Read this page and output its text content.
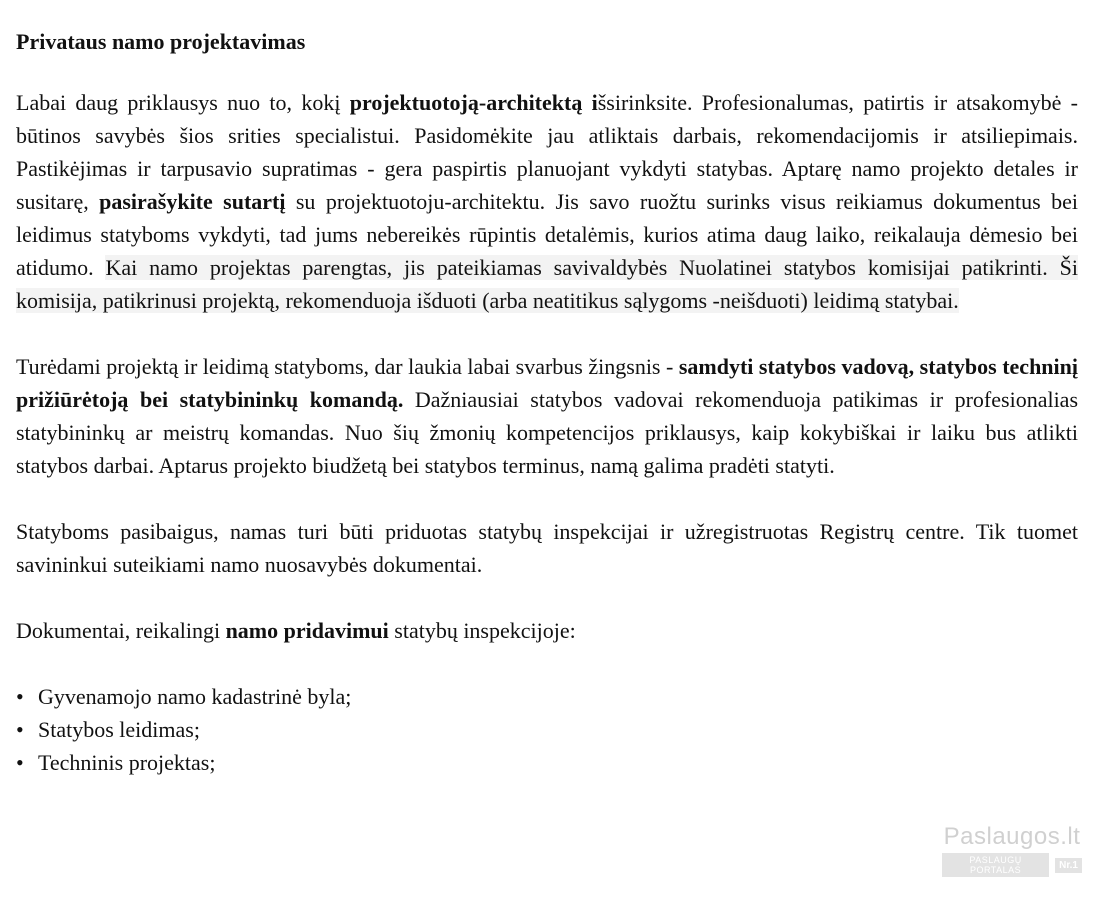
Privataus namo projektavimas

Labai daug priklausys nuo to, kokį projektuotoją-architektą išsirinksite. Profesionalumas, patirtis ir atsakomybė - būtinos savybės šios srities specialistui. Pasidomėkite jau atliktais darbais, rekomendacijomis ir atsiliepimais. Pastikėjimas ir tarpusavio supratimas - gera paspirtis planuojant vykdyti statybas. Aptarę namo projekto detales ir susitarę, pasirašykite sutartį su projektuotoju-architektu. Jis savo ruožtu surinks visus reikiamus dokumentus bei leidimus statyboms vykdyti, tad jums nebereikės rūpintis detalėmis, kurios atima daug laiko, reikalauja dėmesio bei atidumo. Kai namo projektas parengtas, jis pateikiamas savivaldybės Nuolatinei statybos komisijai patikrinti. Ši komisija, patikrinusi projektą, rekomenduoja išduoti (arba neatitikus sąlygoms -neišduoti) leidimą statybai.

Turėdami projektą ir leidimą statyboms, dar laukia labai svarbus žingsnis - samdyti statybos vadovą, statybos techninį prižiūrėtoją bei statybininkų komandą. Dažniausiai statybos vadovai rekomenduoja patikimas ir profesionalias statybininkų ar meistrų komandas. Nuo šių žmonių kompetencijos priklausys, kaip kokybiškai ir laiku bus atlikti statybos darbai. Aptarus projekto biudžetą bei statybos terminus, namą galima pradėti statyti.

Statyboms pasibaigus, namas turi būti priduotas statybų inspekcijai ir užregistruotas Registrų centre. Tik tuomet savininkui suteikiami namo nuosavybės dokumentai.

Dokumentai, reikalingi namo pridavimui statybų inspekcijoje:

• Gyvenamojo namo kadastrinė byla;
• Statybos leidimas;
• Techninis projektas;
Paslaugos.lt
PASLAUGŲ PORTALAS	Nr.1
